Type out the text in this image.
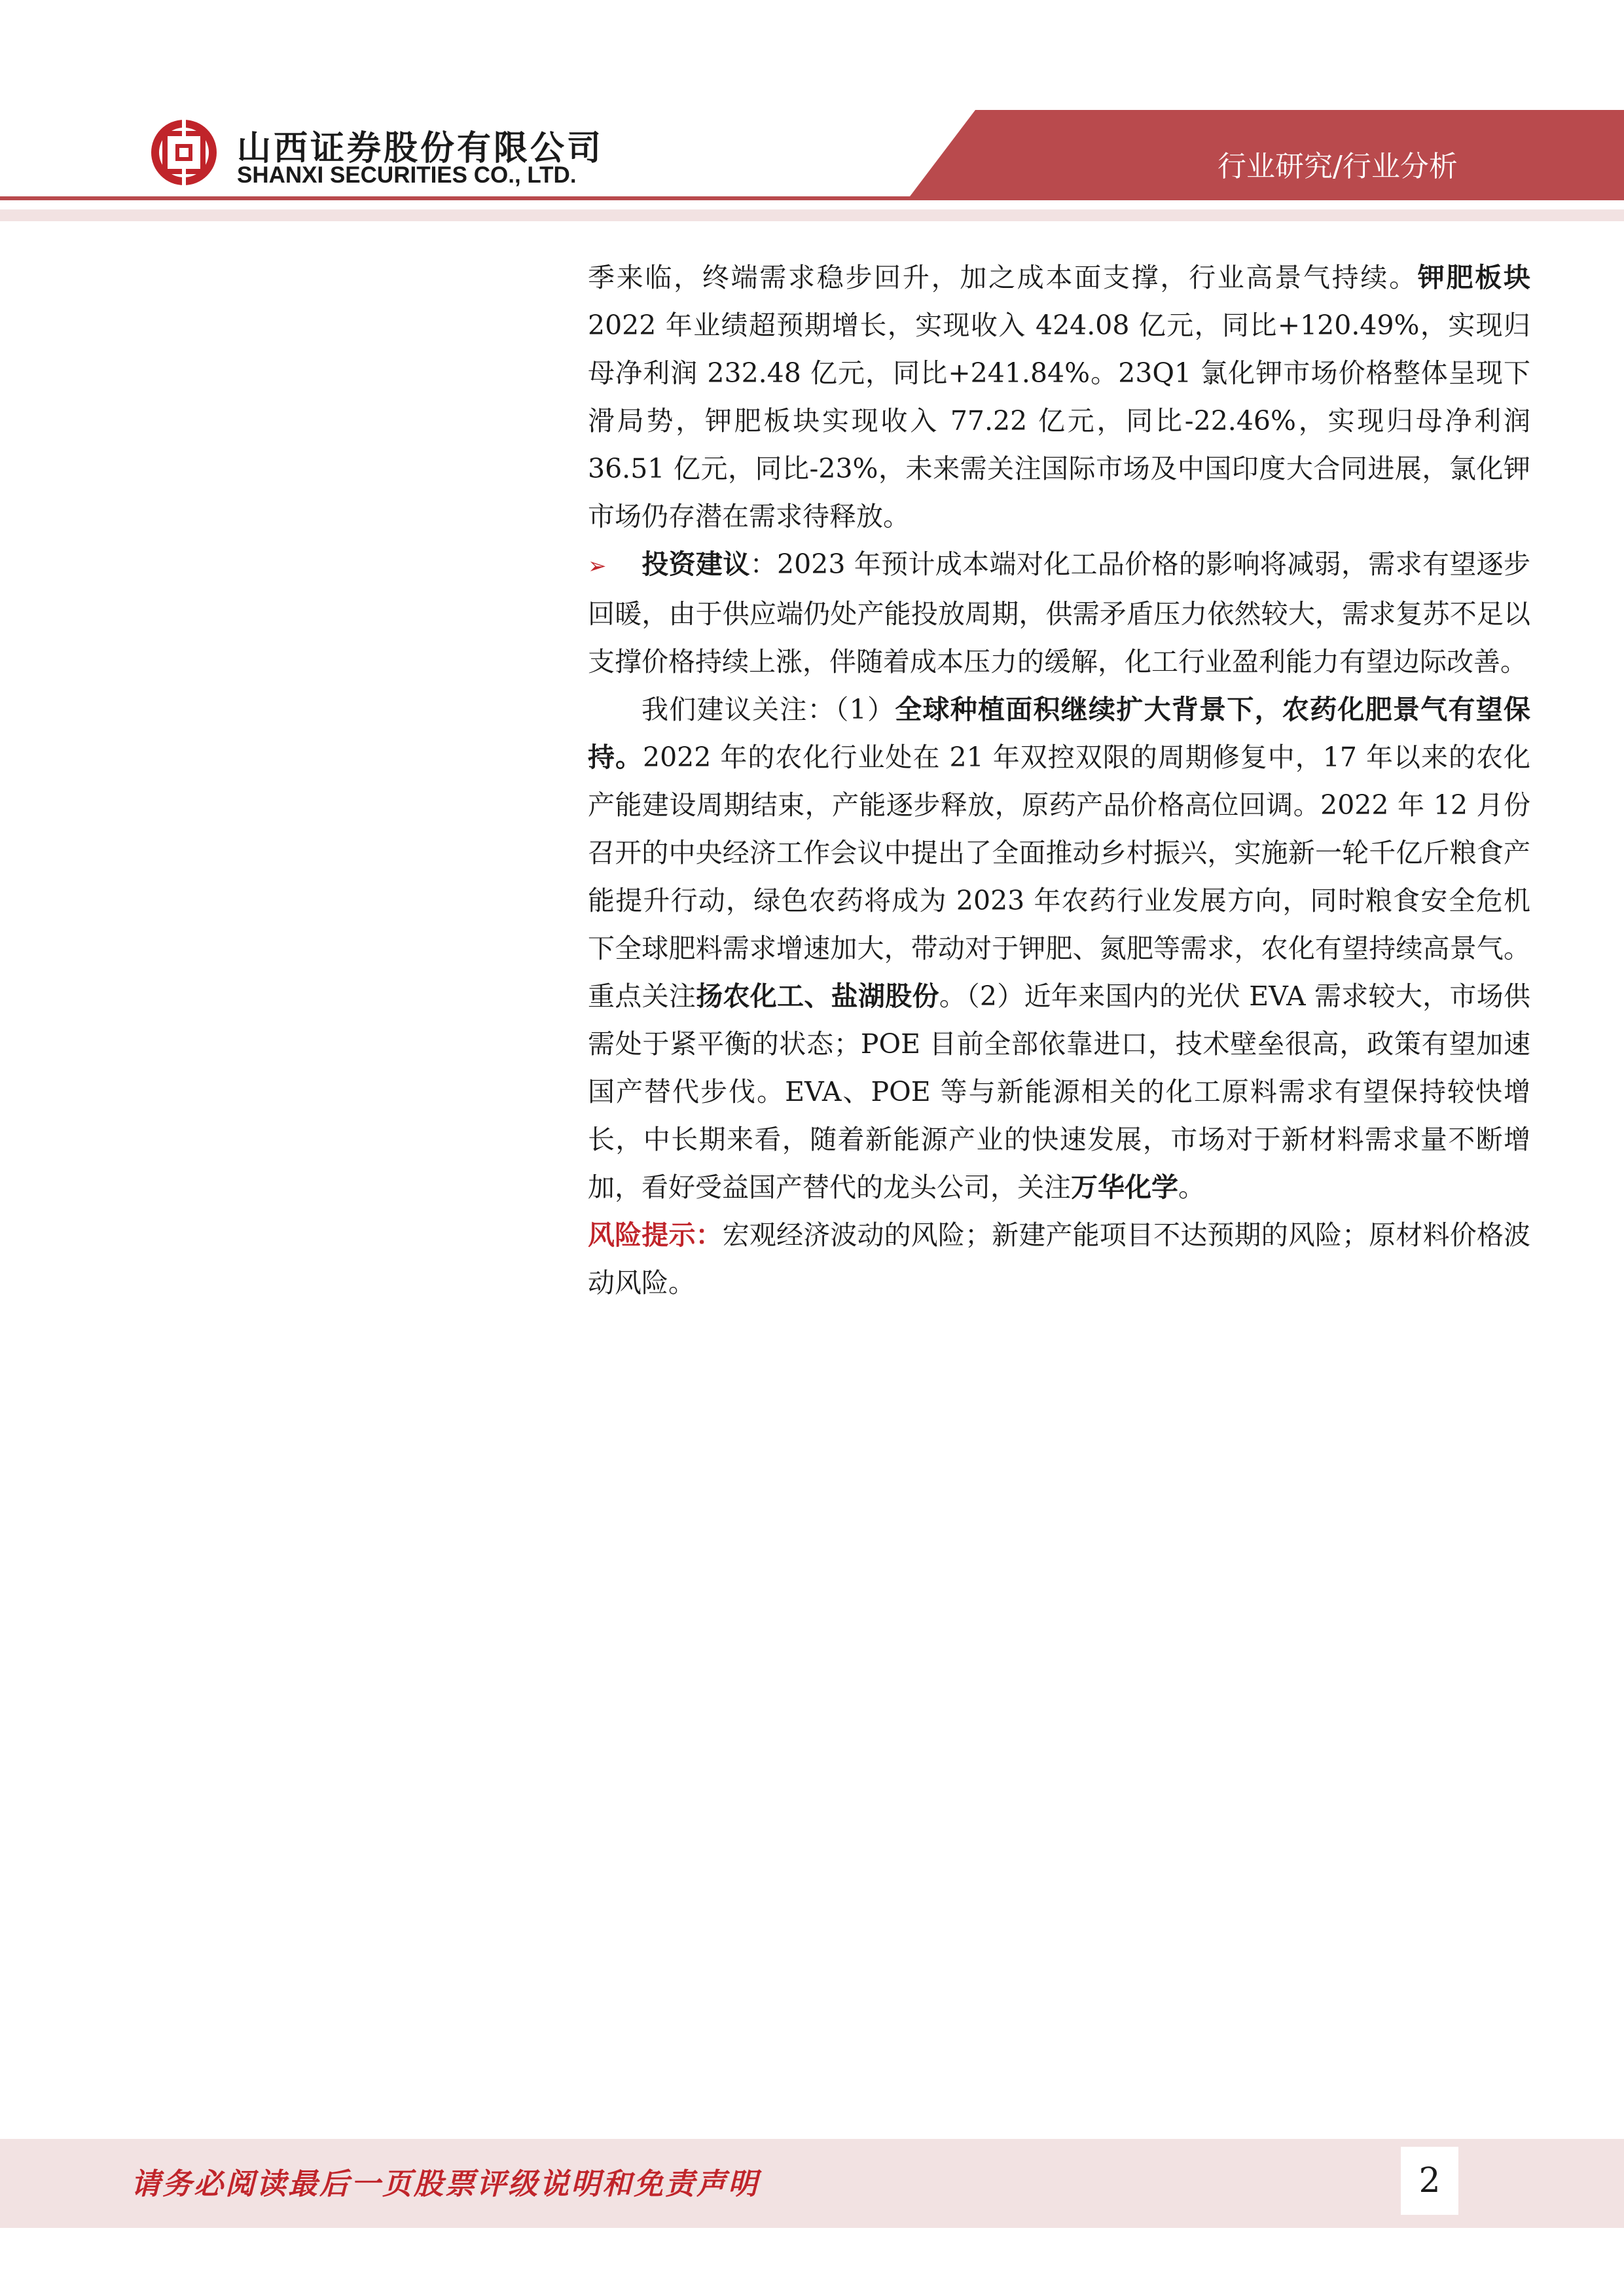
山西证券股份有限公司
SHANXI SECURITIES CO., LTD.	行业研究/行业分析

季来临，终端需求稳步回升，加之成本面支撑，行业高景气持续。钾肥板块2022 年业绩超预期增长，实现收入 424.08 亿元，同比+120.49%，实现归母净利润 232.48 亿元，同比+241.84%。23Q1 氯化钾市场价格整体呈现下滑局势，钾肥板块实现收入 77.22 亿元，同比-22.46%，实现归母净利润 36.51 亿元，同比-23%，未来需关注国际市场及中国印度大合同进展，氯化钾市场仍存潜在需求待释放。

➢ 投资建议：2023 年预计成本端对化工品价格的影响将减弱，需求有望逐步回暖，由于供应端仍处产能投放周期，供需矛盾压力依然较大，需求复苏不足以支撑价格持续上涨，伴随着成本压力的缓解，化工行业盈利能力有望边际改善。

我们建议关注：（1）全球种植面积继续扩大背景下，农药化肥景气有望保持。2022 年的农化行业处在 21 年双控双限的周期修复中，17 年以来的农化产能建设周期结束，产能逐步释放，原药产品价格高位回调。2022 年 12 月份召开的中央经济工作会议中提出了全面推动乡村振兴，实施新一轮千亿斤粮食产能提升行动，绿色农药将成为 2023 年农药行业发展方向，同时粮食安全危机下全球肥料需求增速加大，带动对于钾肥、氮肥等需求，农化有望持续高景气。重点关注扬农化工、盐湖股份。（2）近年来国内的光伏 EVA 需求较大，市场供需处于紧平衡的状态；POE 目前全部依靠进口，技术壁垒很高，政策有望加速国产替代步伐。EVA、POE 等与新能源相关的化工原料需求有望保持较快增长，中长期来看，随着新能源产业的快速发展，市场对于新材料需求量不断增加，看好受益国产替代的龙头公司，关注万华化学。

风险提示：宏观经济波动的风险；新建产能项目不达预期的风险；原材料价格波动风险。

请务必阅读最后一页股票评级说明和免责声明	2
